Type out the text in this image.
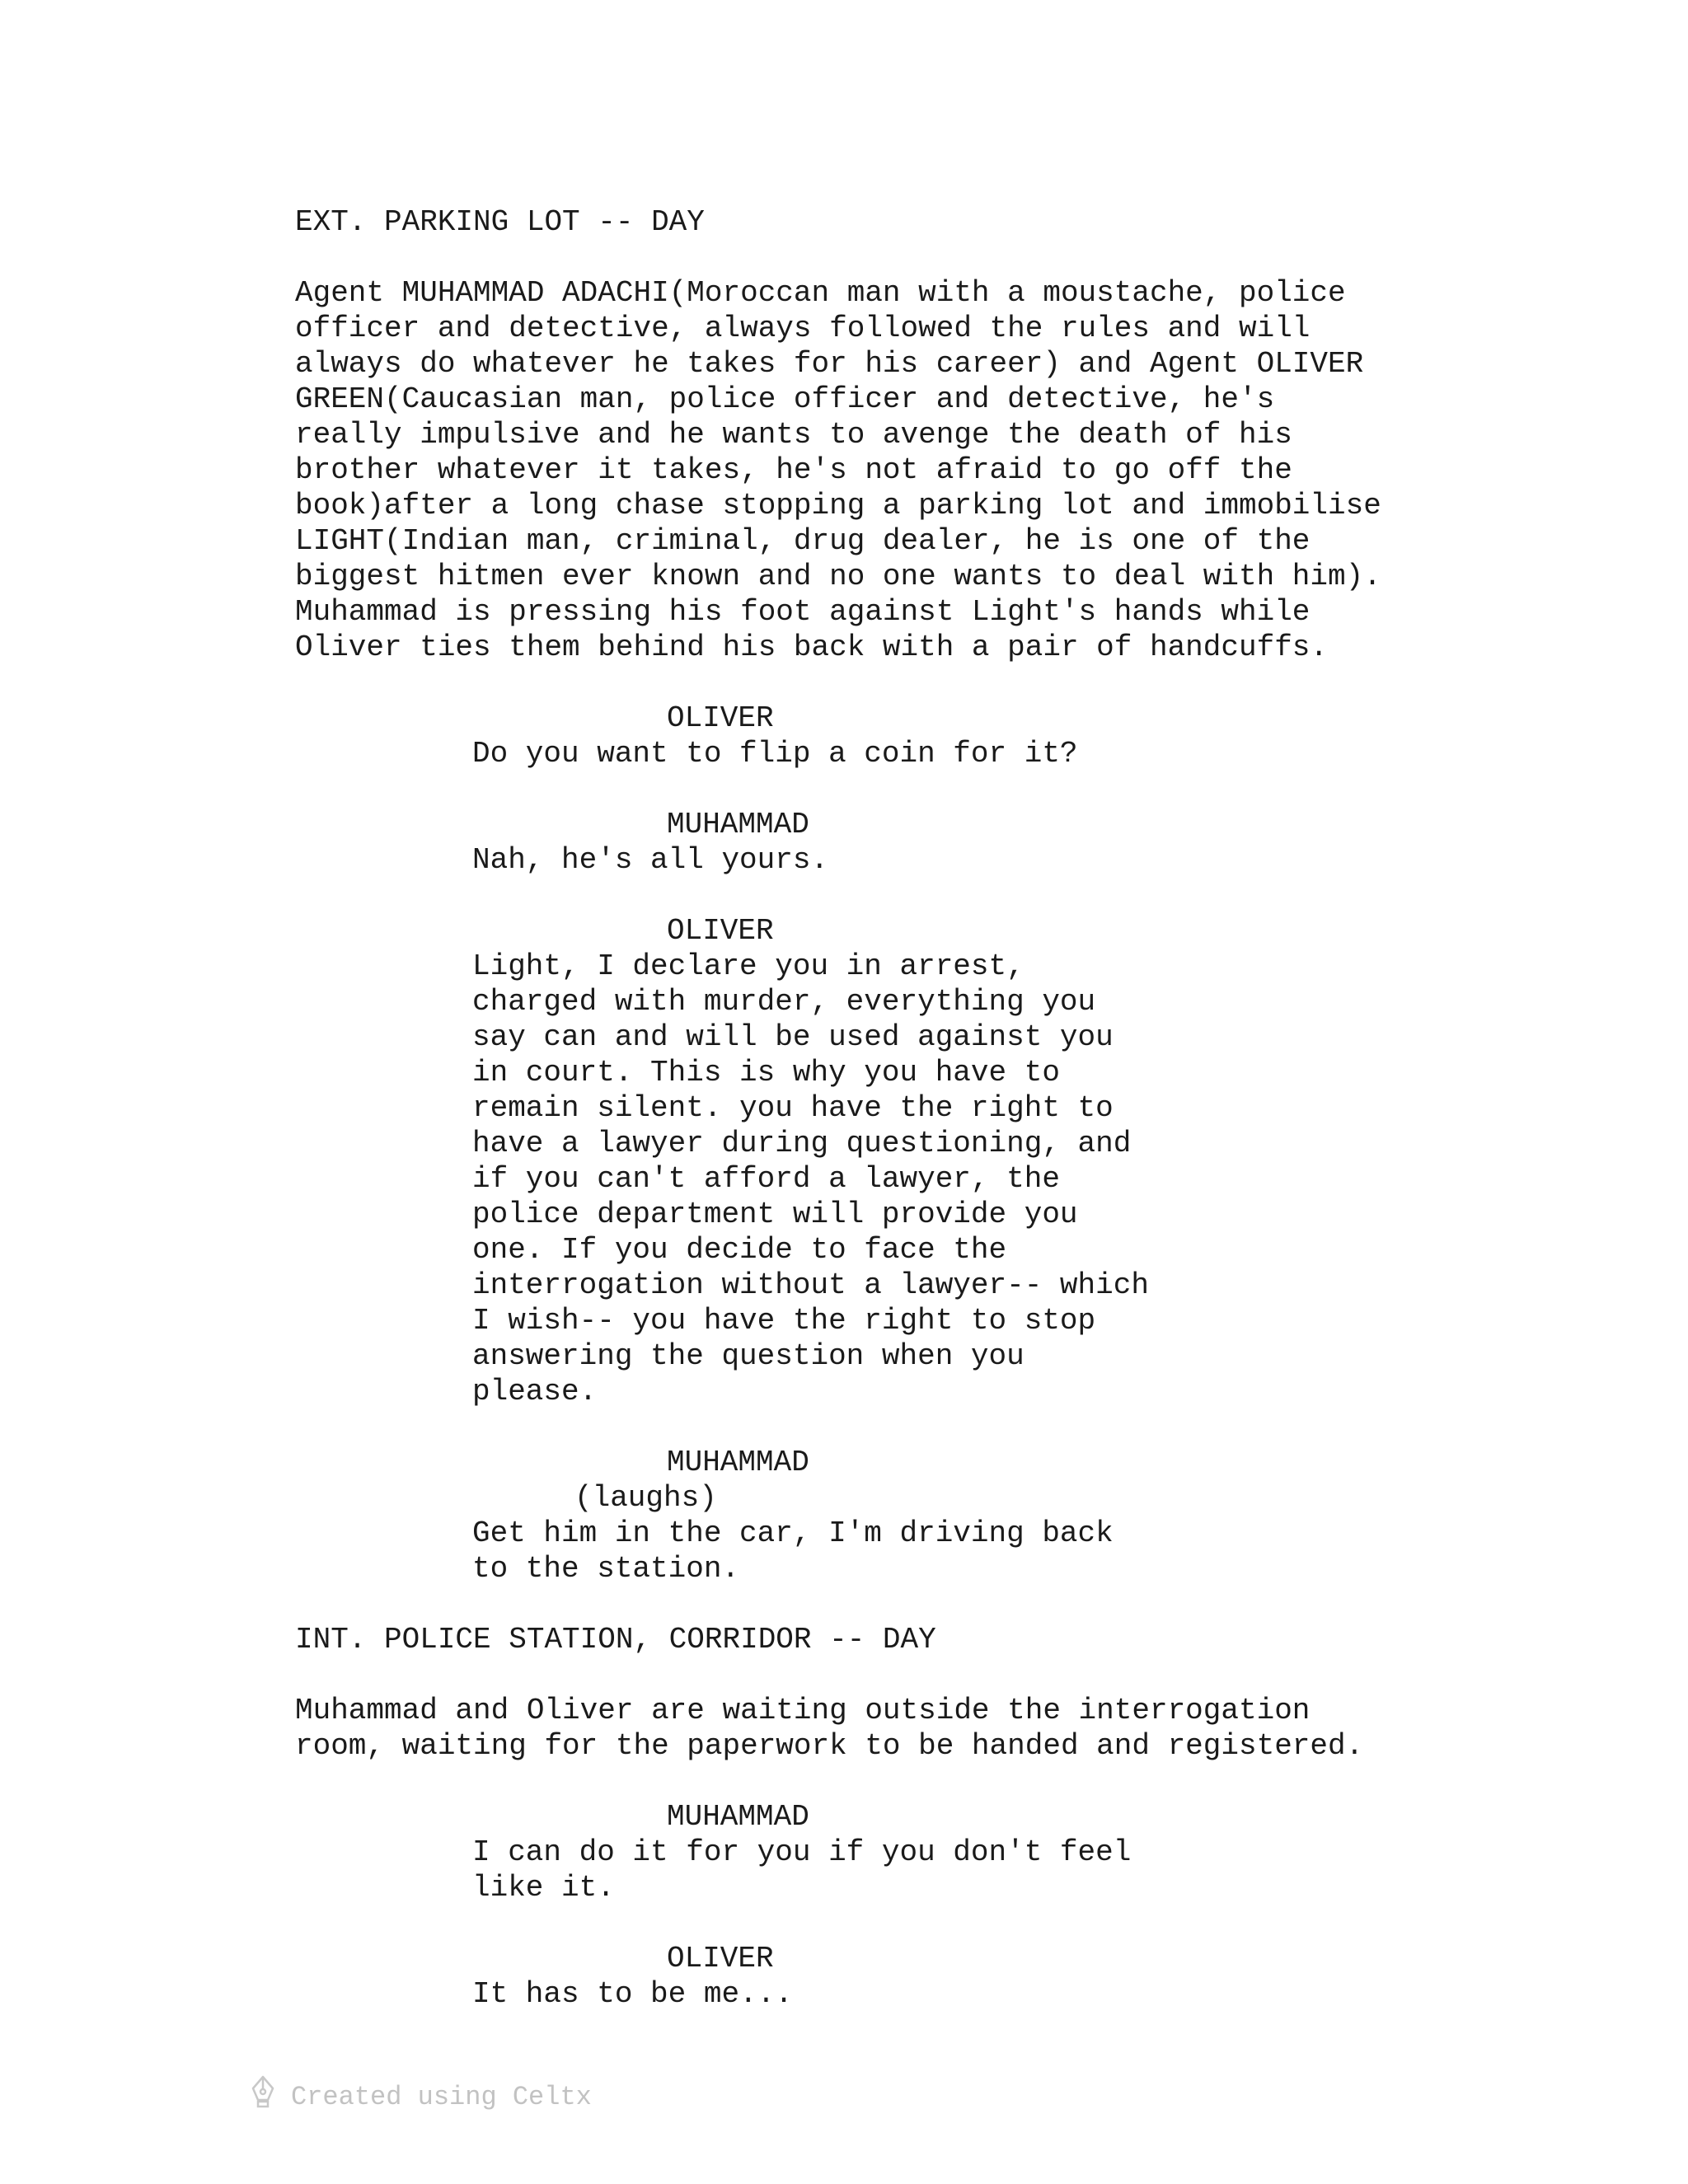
EXT. PARKING LOT -- DAY
Agent MUHAMMAD ADACHI(Moroccan man with a moustache, police
officer and detective, always followed the rules and will
always do whatever he takes for his career) and Agent OLIVER
GREEN(Caucasian man, police officer and detective, he's
really impulsive and he wants to avenge the death of his
brother whatever it takes, he's not afraid to go off the
book)after a long chase stopping a parking lot and immobilise
LIGHT(Indian man, criminal, drug dealer, he is one of the
biggest hitmen ever known and no one wants to deal with him).
Muhammad is pressing his foot against Light's hands while
Oliver ties them behind his back with a pair of handcuffs.
OLIVER
Do you want to flip a coin for it?
MUHAMMAD
Nah, he's all yours.
OLIVER
Light, I declare you in arrest,
charged with murder, everything you
say can and will be used against you
in court. This is why you have to
remain silent. you have the right to
have a lawyer during questioning, and
if you can't afford a lawyer, the
police department will provide you
one. If you decide to face the
interrogation without a lawyer-- which
I wish-- you have the right to stop
answering the question when you
please.
MUHAMMAD
(laughs)
Get him in the car, I'm driving back
to the station.
INT. POLICE STATION, CORRIDOR -- DAY
Muhammad and Oliver are waiting outside the interrogation
room, waiting for the paperwork to be handed and registered.
MUHAMMAD
I can do it for you if you don't feel
like it.
OLIVER
It has to be me...
Created using Celtx
